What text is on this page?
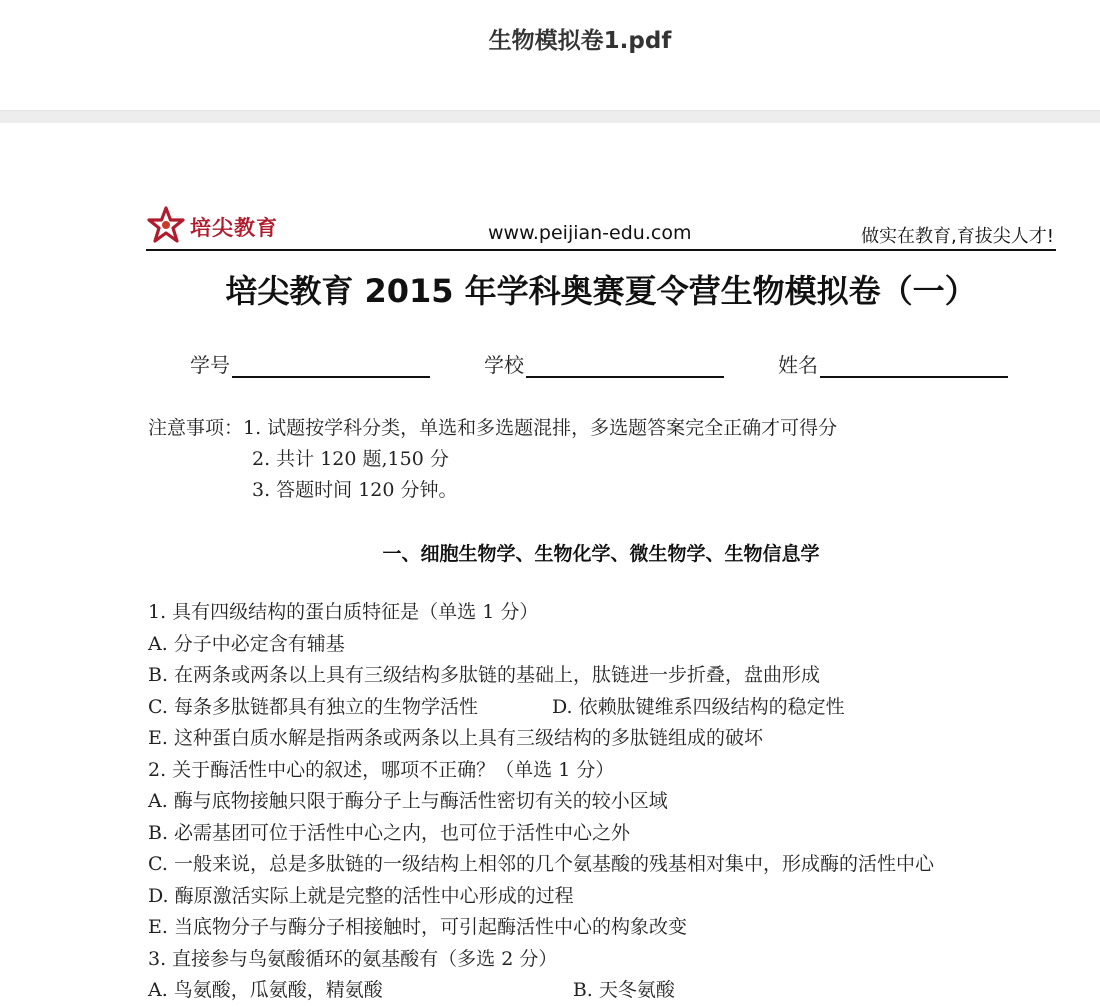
生物模拟卷1.pdf
培尖教育	www.peijian-edu.com	做实在教育,育拔尖人才!
培尖教育 2015 年学科奥赛夏令营生物模拟卷（一）
学号	学校	姓名
注意事项：1. 试题按学科分类，单选和多选题混排，多选题答案完全正确才可得分
2. 共计 120 题,150 分
3. 答题时间 120 分钟。
一、细胞生物学、生物化学、微生物学、生物信息学
1. 具有四级结构的蛋白质特征是（单选 1 分）
A. 分子中必定含有辅基
B. 在两条或两条以上具有三级结构多肽链的基础上，肽链进一步折叠，盘曲形成
C. 每条多肽链都具有独立的生物学活性	D. 依赖肽键维系四级结构的稳定性
E. 这种蛋白质水解是指两条或两条以上具有三级结构的多肽链组成的破坏
2. 关于酶活性中心的叙述，哪项不正确？（单选 1 分）
A. 酶与底物接触只限于酶分子上与酶活性密切有关的较小区域
B. 必需基团可位于活性中心之内，也可位于活性中心之外
C. 一般来说，总是多肽链的一级结构上相邻的几个氨基酸的残基相对集中，形成酶的活性中心
D. 酶原激活实际上就是完整的活性中心形成的过程
E. 当底物分子与酶分子相接触时，可引起酶活性中心的构象改变
3. 直接参与鸟氨酸循环的氨基酸有（多选 2 分）
A. 鸟氨酸，瓜氨酸，精氨酸	B. 天冬氨酸
